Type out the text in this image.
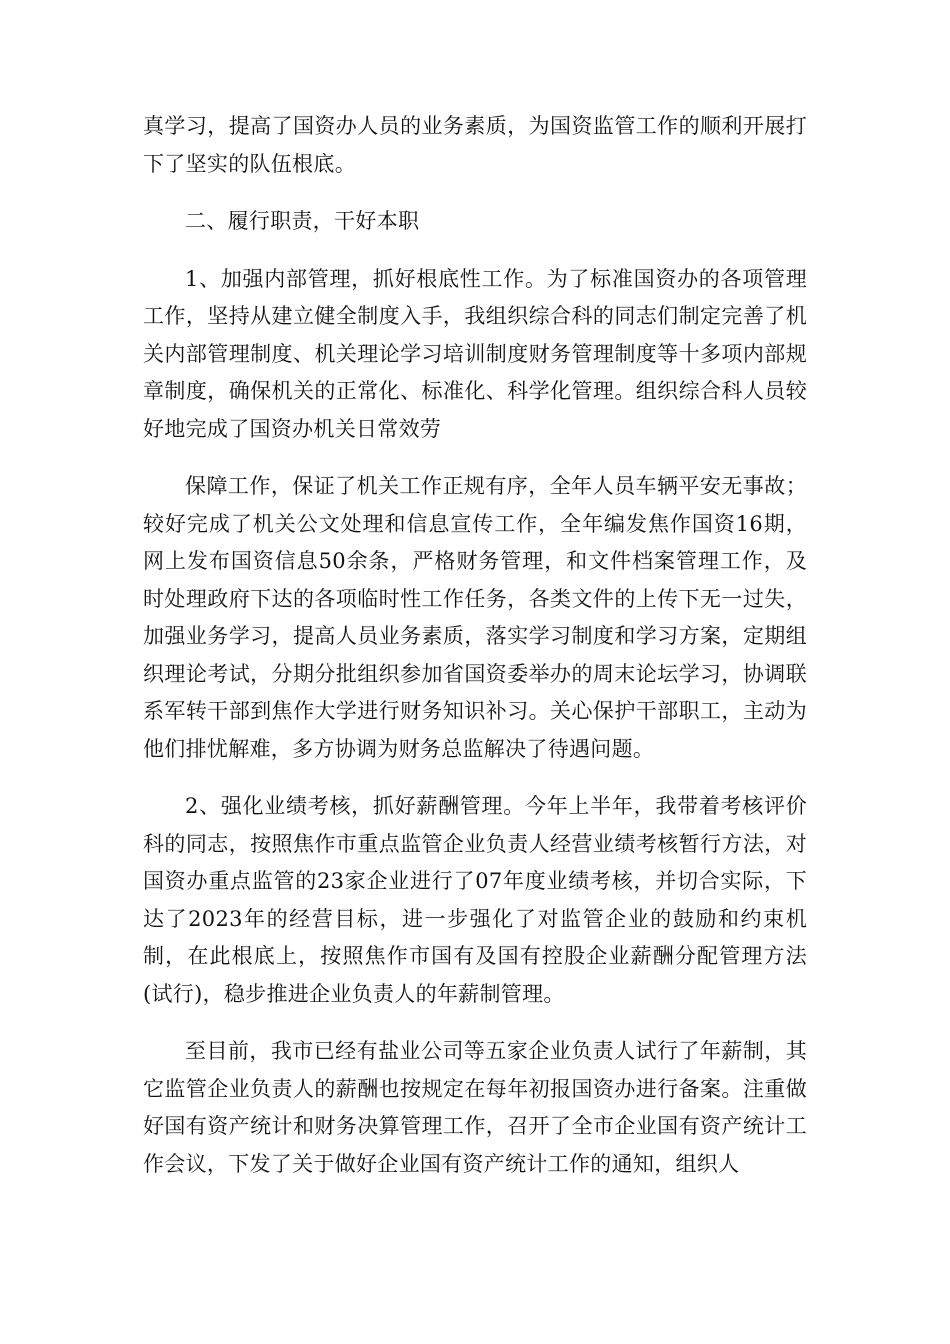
真学习，提高了国资办人员的业务素质，为国资监管工作的顺利开展打下了坚实的队伍根底。

二、履行职责，干好本职

1、加强内部管理，抓好根底性工作。为了标准国资办的各项管理工作，坚持从建立健全制度入手，我组织综合科的同志们制定完善了机关内部管理制度、机关理论学习培训制度财务管理制度等十多项内部规章制度，确保机关的正常化、标准化、科学化管理。组织综合科人员较好地完成了国资办机关日常效劳

保障工作，保证了机关工作正规有序，全年人员车辆平安无事故；较好完成了机关公文处理和信息宣传工作，全年编发焦作国资16期，网上发布国资信息50余条，严格财务管理，和文件档案管理工作，及时处理政府下达的各项临时性工作任务，各类文件的上传下无一过失，加强业务学习，提高人员业务素质，落实学习制度和学习方案，定期组织理论考试，分期分批组织参加省国资委举办的周末论坛学习，协调联系军转干部到焦作大学进行财务知识补习。关心保护干部职工，主动为他们排忧解难，多方协调为财务总监解决了待遇问题。

2、强化业绩考核，抓好薪酬管理。今年上半年，我带着考核评价科的同志，按照焦作市重点监管企业负责人经营业绩考核暂行方法，对国资办重点监管的23家企业进行了07年度业绩考核，并切合实际，下达了2023年的经营目标，进一步强化了对监管企业的鼓励和约束机制，在此根底上，按照焦作市国有及国有控股企业薪酬分配管理方法(试行)，稳步推进企业负责人的年薪制管理。

至目前，我市已经有盐业公司等五家企业负责人试行了年薪制，其它监管企业负责人的薪酬也按规定在每年初报国资办进行备案。注重做好国有资产统计和财务决算管理工作，召开了全市企业国有资产统计工作会议，下发了关于做好企业国有资产统计工作的通知，组织人
